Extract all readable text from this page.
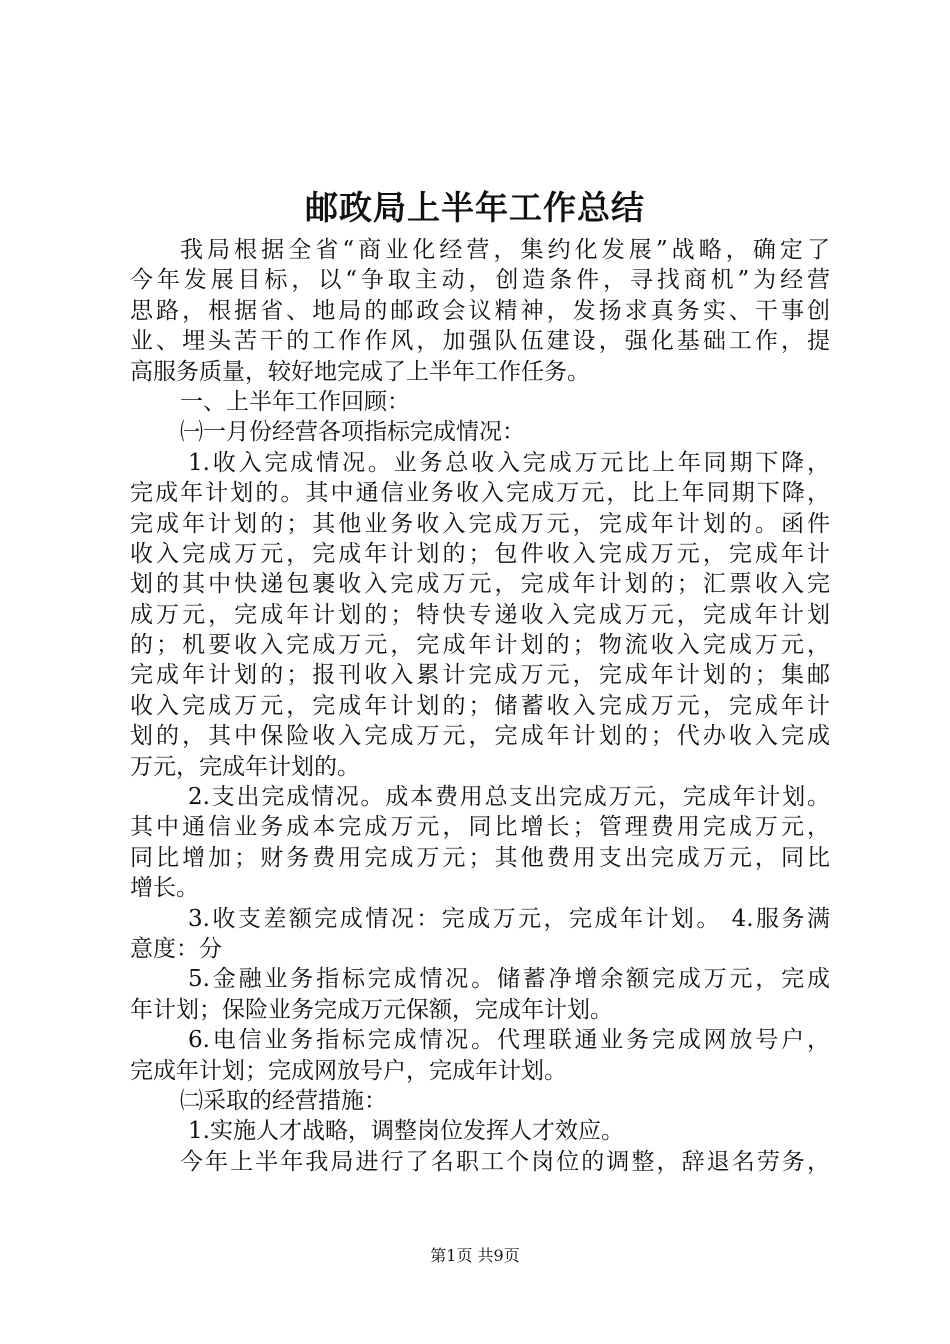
邮政局上半年工作总结
我局根据全省“商业化经营，集约化发展”战略，确定了
今年发展目标，以“争取主动，创造条件，寻找商机”为经营
思路，根据省、地局的邮政会议精神，发扬求真务实、干事创
业、埋头苦干的工作作风，加强队伍建设，强化基础工作，提
高服务质量，较好地完成了上半年工作任务。
一、上半年工作回顾：
㈠一月份经营各项指标完成情况：
1.收入完成情况。业务总收入完成万元比上年同期下降，
完成年计划的。其中通信业务收入完成万元，比上年同期下降，
完成年计划的；其他业务收入完成万元，完成年计划的。函件
收入完成万元，完成年计划的；包件收入完成万元，完成年计
划的其中快递包裹收入完成万元，完成年计划的；汇票收入完
成万元，完成年计划的；特快专递收入完成万元，完成年计划
的；机要收入完成万元，完成年计划的；物流收入完成万元，
完成年计划的；报刊收入累计完成万元，完成年计划的；集邮
收入完成万元，完成年计划的；储蓄收入完成万元，完成年计
划的，其中保险收入完成万元，完成年计划的；代办收入完成
万元，完成年计划的。
2.支出完成情况。成本费用总支出完成万元，完成年计划。
其中通信业务成本完成万元，同比增长；管理费用完成万元，
同比增加；财务费用完成万元；其他费用支出完成万元，同比
增长。
3.收支差额完成情况：完成万元，完成年计划。 4.服务满
意度：分
5.金融业务指标完成情况。储蓄净增余额完成万元，完成
年计划；保险业务完成万元保额，完成年计划。
6.电信业务指标完成情况。代理联通业务完成网放号户，
完成年计划；完成网放号户，完成年计划。
㈡采取的经营措施：
1.实施人才战略，调整岗位发挥人才效应。
今年上半年我局进行了名职工个岗位的调整，辞退名劳务，
第1页 共9页
